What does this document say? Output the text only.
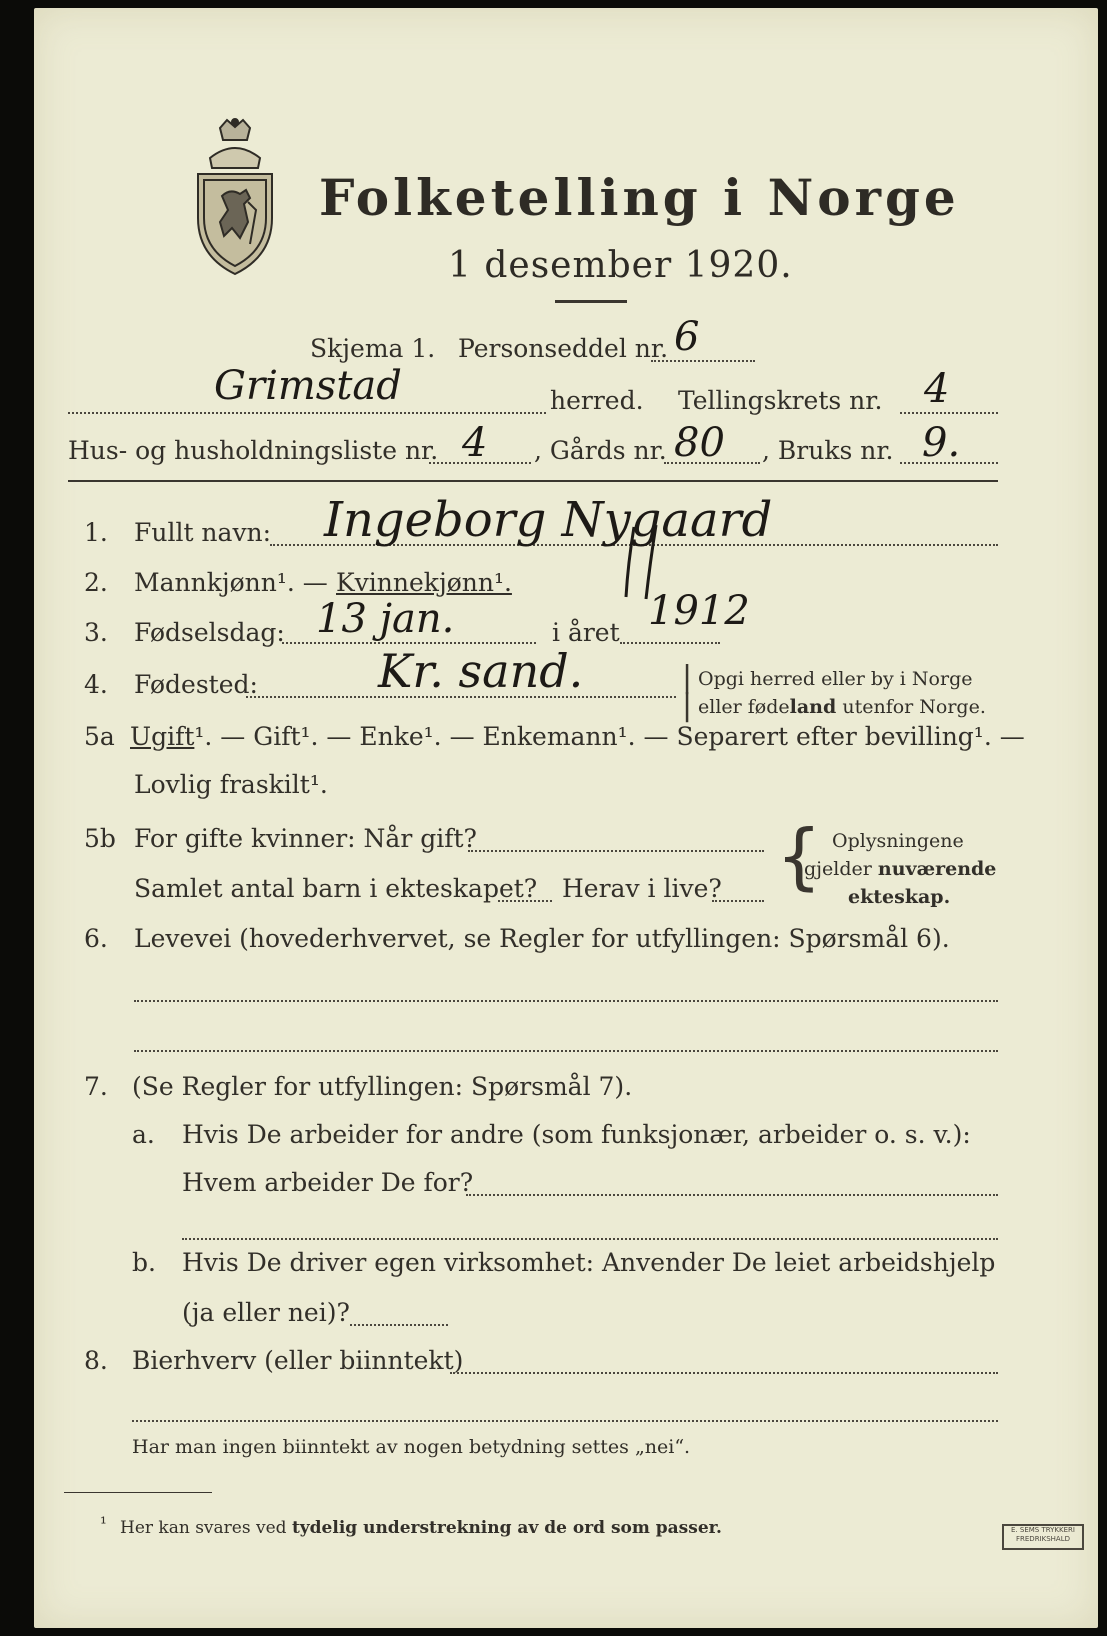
Folketelling i Norge
1 desember 1920.
Skjema 1. Personseddel nr. 6
Grimstad	herred. Tellingskrets nr. 4
Hus- og husholdningsliste nr. 4 , Gårds nr. 80 , Bruks nr. 9.
1. Fullt navn: Ingeborg Nygaard
2. Mannkjønn¹. — Kvinnekjønn¹.
3. Fødselsdag: 13 jan.	i året 1912
4. Fødested:	Kr. sand.	|
|
Opgi herred eller by i Norge
eller fødeland utenfor Norge.
5a Ugift¹. — Gift¹. — Enke¹. — Enkemann¹. — Separert efter bevilling¹. —
Lovlig fraskilt¹.
5b For gifte kvinner: Når gift?
Samlet antal barn i ekteskapet? Herav i live? { Oplysningene
gjelder nuværende
ekteskap.
6. Levevei (hovederhvervet, se Regler for utfyllingen: Spørsmål 6).
7. (Se Regler for utfyllingen: Spørsmål 7).
a. Hvis De arbeider for andre (som funksjonær, arbeider o. s. v.):
Hvem arbeider De for?
b. Hvis De driver egen virksomhet: Anvender De leiet arbeidshjelp
(ja eller nei)?
8. Bierhverv (eller biinntekt)
Har man ingen biinntekt av nogen betydning settes „nei“.
¹ Her kan svares ved tydelig understrekning av de ord som passer.	E. SEMS TRYKKERI FREDRIKSHALD
